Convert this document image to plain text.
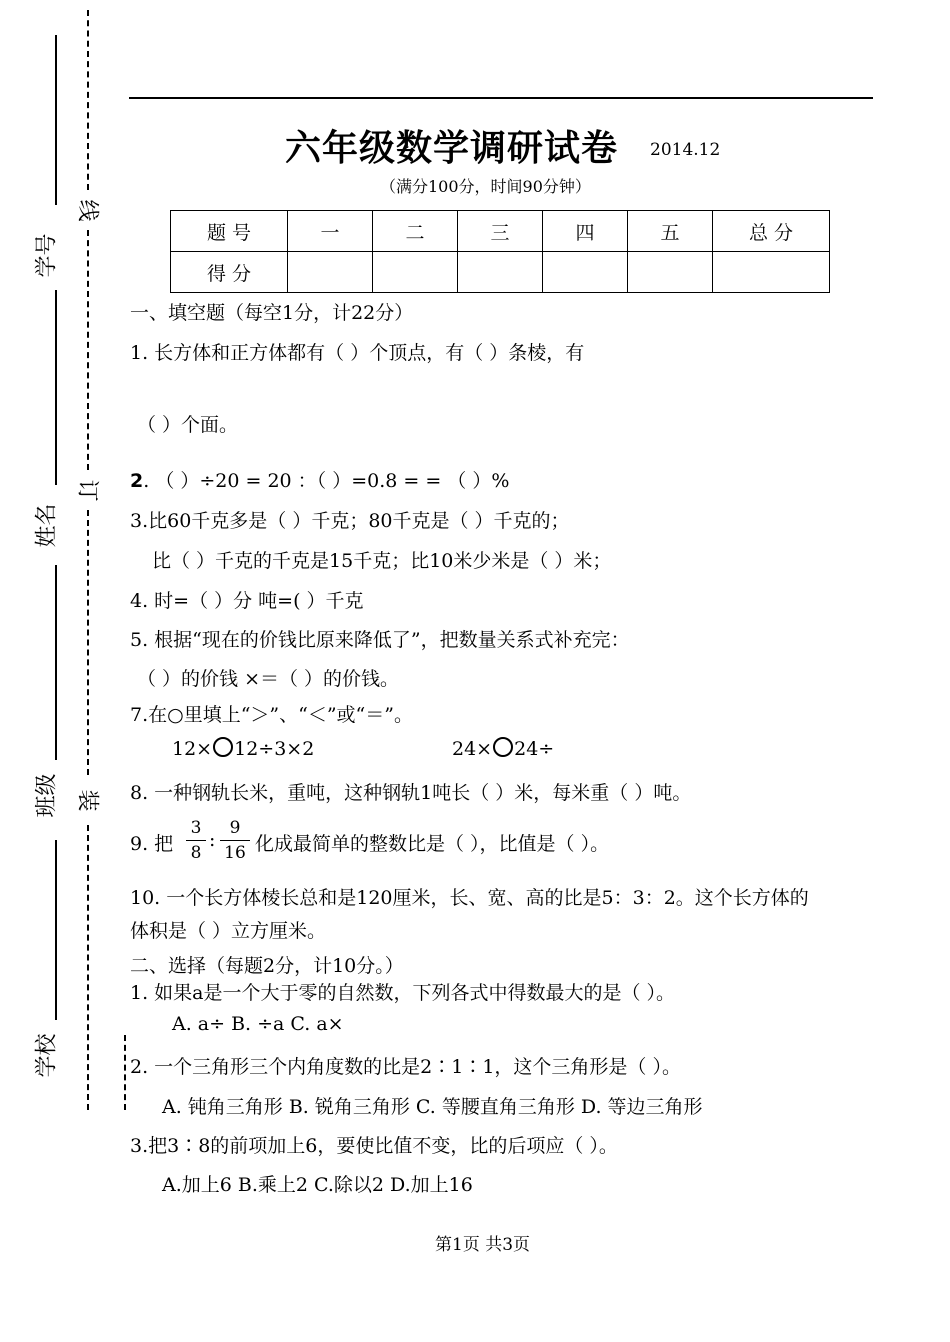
学号
姓名
班级
学校
线
订
装
六年级数学调研试卷 2014.12
（满分100分，时间90分钟）
题 号	一	二	三	四	五	总 分
得 分						
一、填空题（每空1分，计22分）
1. 长方体和正方体都有（ ）个顶点，有（ ）条棱，有
（ ）个面。
2. （ ）÷20 = 20 ：（ ）=0.8 = = （ ）%
3.比60千克多是（ ）千克；80千克是（ ）千克的；
比（ ）千克的千克是15千克；比10米少米是（ ）米；
4. 时=（ ）分 吨=( ）千克
5. 根据“现在的价钱比原来降低了”，把数量关系式补充完：
（ ）的价钱 ×＝（ ）的价钱。
7.在○里填上“＞”、“＜”或“＝”。
12× 12÷3×2	24× 24÷
8. 一种钢轨长米，重吨，这种钢轨1吨长（ ）米，每米重（ ）吨。
9. 把
3
8
:
9
16 化成最简单的整数比是（ ），比值是（ ）。
10. 一个长方体棱长总和是120厘米，长、宽、高的比是5：3：2。这个长方体的
体积是（ ）立方厘米。
二、选择（每题2分，计10分。）
1. 如果a是一个大于零的自然数，下列各式中得数最大的是（ ）。
A. a÷ B. ÷a C. a×
2. 一个三角形三个内角度数的比是2∶1∶1，这个三角形是（ ）。
A. 钝角三角形 B. 锐角三角形 C. 等腰直角三角形 D. 等边三角形
3.把3∶8的前项加上6，要使比值不变，比的后项应（ ）。
A.加上6 B.乘上2 C.除以2 D.加上16
第1页 共3页
